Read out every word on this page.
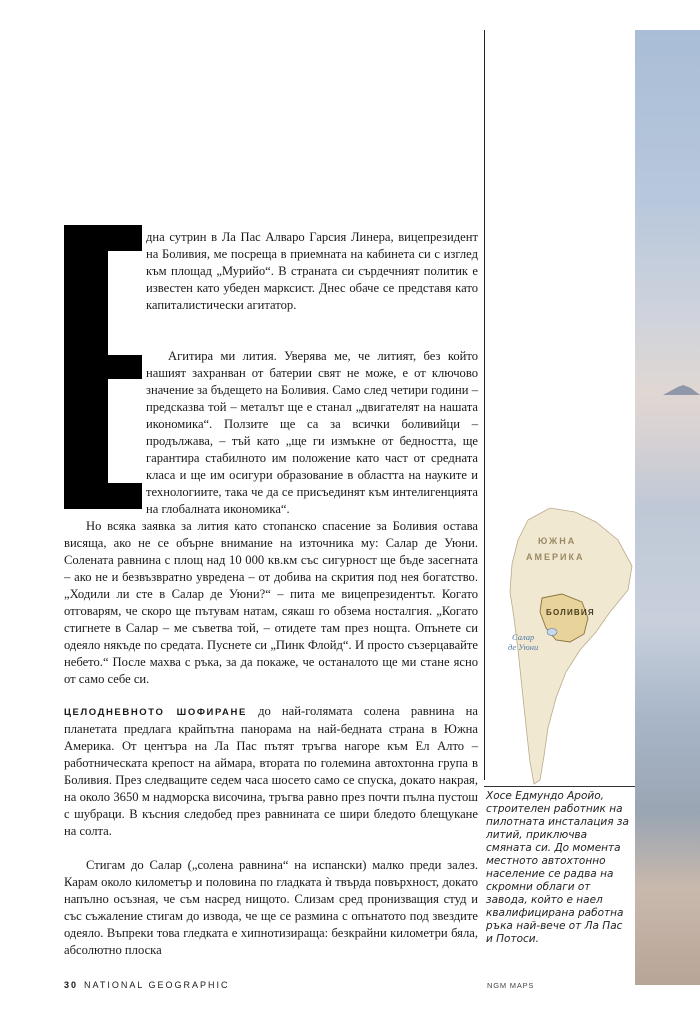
дна сутрин в Ла Пас Алваро Гарсия Линера, вицепрезидент на Боливия, ме посреща в приемната на кабинета си с изглед към площад „Мурийо“. В страната си сърдечният политик е известен като убеден марксист. Днес обаче се представя като капиталистически агитатор.
Агитира ми лития. Уверява ме, че литият, без който нашият захранван от батерии свят не може, е от ключово значение за бъдещето на Боливия. Само след четири години – предсказва той – металът ще е станал „двигателят на нашата икономика“. Ползите ще са за всички боливийци – продължава, – тъй като „ще ги измъкне от бедността, ще гарантира стабилното им положение като част от средната класа и ще им осигури образование в областта на науките и технологиите, така че да се присъединят към интелигенцията на глобалната икономика“.
Но всяка заявка за лития като стопанско спасение за Боливия остава висяща, ако не се обърне внимание на източника му: Салар де Уюни. Солената равнина с площ над 10 000 кв.км със сигурност ще бъде засегната – ако не и безвъзвратно увредена – от добива на скрития под нея богатство. „Ходили ли сте в Салар де Уюни?“ – пита ме вицепрезидентът. Когато отговарям, че скоро ще пътувам натам, сякаш го обзема носталгия. „Когато стигнете в Салар – ме съветва той, – отидете там през нощта. Опънете си одеяло някъде по средата. Пуснете си „Пинк Флойд“. И просто съзерцавайте небето.“ После махва с ръка, за да покаже, че останалото ще ми стане ясно от само себе си.
ЦЕЛОДНЕВНОТО ШОФИРАНЕ до най-голямата солена равнина на планетата предлага крайпътна панорама на най-бедната страна в Южна Америка. От центъра на Ла Пас пътят тръгва нагоре към Ел Алто – работническата крепост на аймара, втората по големина автохтонна група в Боливия. През следващите седем часа шосето само се спуска, докато накрая, на около 3650 м надморска височина, тръгва равно през почти пълна пустош с шубраци. В късния следобед през равнината се шири бледото блещукане на солта.
Стигам до Салар („солена равнина“ на испански) малко преди залез. Карам около километър и половина по гладката ѝ твърда повърхност, докато напълно осъзная, че съм насред нищото. Слизам сред пронизващия студ и със съжаление стигам до извода, че ще се размина с опънатото под звездите одеяло. Въпреки това гледката е хипнотизираща: безкрайни километри бяла, абсолютно плоска
ЮЖНА
АМЕРИКА
БОЛИВИЯ
Салар
де Уюни
Хосе Едмундо Аройо, строителен работник на пилотната инсталация за литий, приключва смяната си. До момента местното автохтонно население се радва на скромни облаги от завода, който е наел квалифицирана работна ръка най-вече от Ла Пас и Потоси.
30 NATIONAL GEOGRAPHIC	NGM MAPS
